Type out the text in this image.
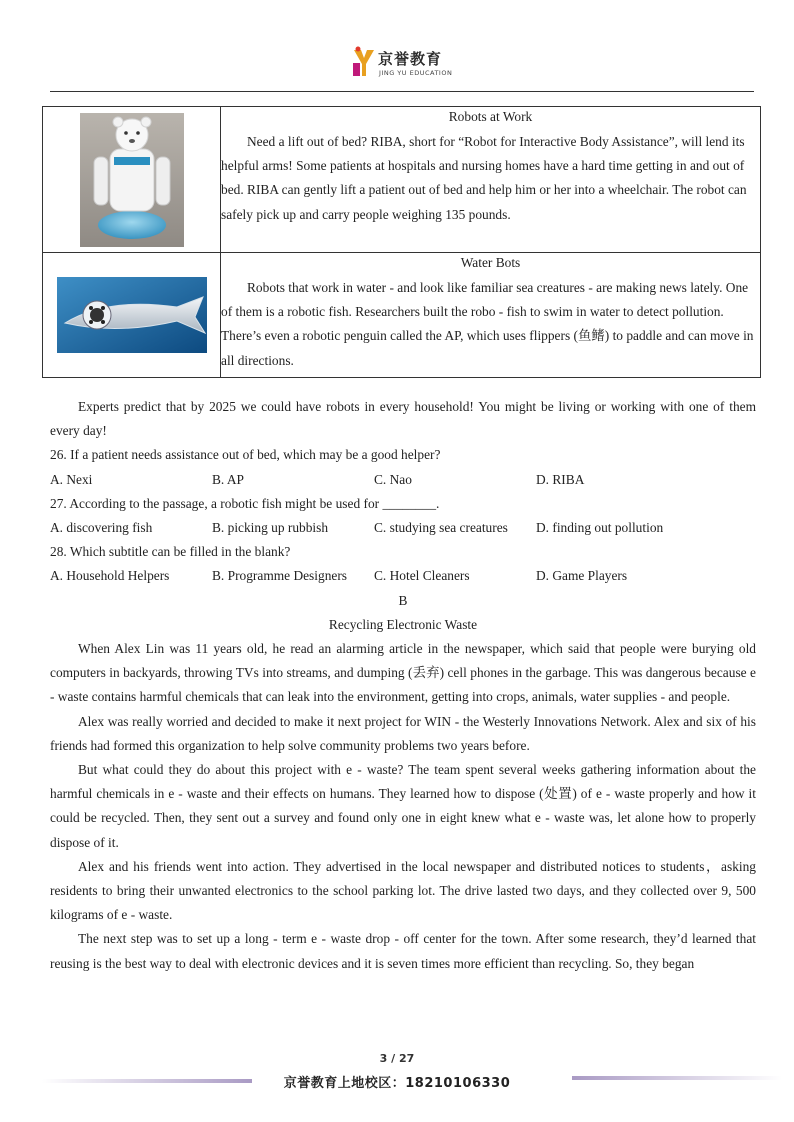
京誉教育
JING YU EDUCATION

Robots at Work

Need a lift out of bed? RIBA, short for “Robot for Interactive Body Assistance”, will lend its helpful arms! Some patients at hospitals and nursing homes have a hard time getting in and out of bed. RIBA can gently lift a patient out of bed and help him or her into a wheelchair. The robot can safely pick up and carry people weighing 135 pounds.

Water Bots

Robots that work in water - and look like familiar sea creatures - are making news lately. One of them is a robotic fish. Researchers built the robo - fish to swim in water to detect pollution. There’s even a robotic penguin called the AP, which uses flippers (鱼鳍) to paddle and can move in all directions.

Experts predict that by 2025 we could have robots in every household! You might be living or working with one of them every day!

26. If a patient needs assistance out of bed, which may be a good helper?

A. Nexi	B. AP	C. Nao	D. RIBA

27. According to the passage, a robotic fish might be used for ________.

A. discovering fish	B. picking up rubbish	C. studying sea creatures	D. finding out pollution

28. Which subtitle can be filled in the blank?

A. Household Helpers	B. Programme Designers	C. Hotel Cleaners	D. Game Players

B

Recycling Electronic Waste

When Alex Lin was 11 years old, he read an alarming article in the newspaper, which said that people were burying old computers in backyards, throwing TVs into streams, and dumping (丢弃) cell phones in the garbage. This was dangerous because e - waste contains harmful chemicals that can leak into the environment, getting into crops, animals, water supplies - and people.

Alex was really worried and decided to make it next project for WIN - the Westerly Innovations Network. Alex and six of his friends had formed this organization to help solve community problems two years before.

But what could they do about this project with e - waste? The team spent several weeks gathering information about the harmful chemicals in e - waste and their effects on humans. They learned how to dispose (处置) of e - waste properly and how it could be recycled. Then, they sent out a survey and found only one in eight knew what e - waste was, let alone how to properly dispose of it.

Alex and his friends went into action. They advertised in the local newspaper and distributed notices to students，asking residents to bring their unwanted electronics to the school parking lot. The drive lasted two days, and they collected over 9, 500 kilograms of e - waste.

The next step was to set up a long - term e - waste drop - off center for the town. After some research, they’d learned that reusing is the best way to deal with electronic devices and it is seven times more efficient than recycling. So, they began

3 / 27
京誉教育上地校区：18210106330
